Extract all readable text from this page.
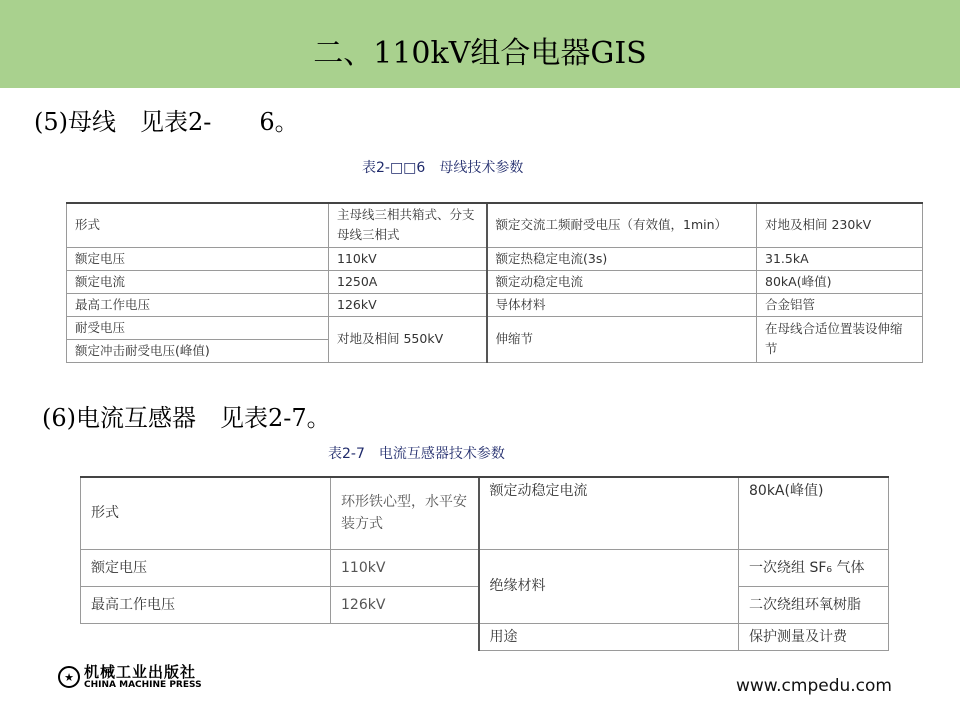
二、110kV组合电器GIS
(5)母线　见表2-　　6。
表2-□□6　母线技术参数
形式	主母线三相共箱式、分支母线三相式	额定交流工频耐受电压（有效值，1min）	对地及相间 230kV
额定电压	110kV	额定热稳定电流(3s)	31.5kA
额定电流	1250A	额定动稳定电流	80kA(峰值)
最高工作电压	126kV	导体材料	合金铝管
耐受电压	对地及相间 550kV	伸缩节	在母线合适位置装设伸缩节
额定冲击耐受电压(峰值)			
(6)电流互感器　见表2-7。
表2-7　电流互感器技术参数
形式	环形铁心型，水平安装方式	额定动稳定电流	80kA(峰值)
额定电压	110kV	绝缘材料	一次绕组 SF₆ 气体
最高工作电压	126kV		二次绕组环氧树脂
		用途	保护测量及计费
★ 机械工业出版社
CHINA MACHINE PRESS	www.cmpedu.com
